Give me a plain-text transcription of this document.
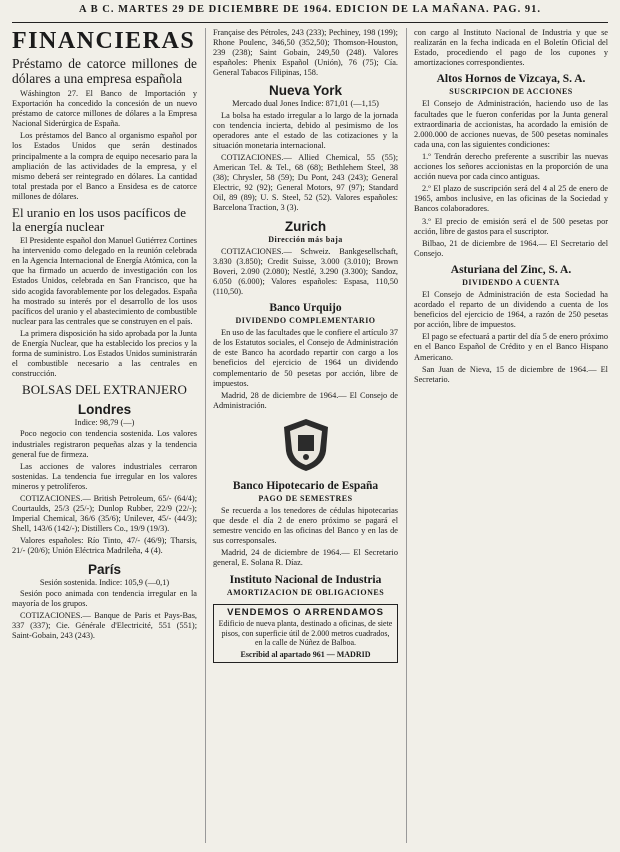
A B C. MARTES 29 DE DICIEMBRE DE 1964. EDICION DE LA MAÑANA. PAG. 91.
FINANCIERAS
Préstamo de catorce millones de dólares a una empresa española

Wáshington 27. El Banco de Importación y Exportación ha concedido la concesión de un nuevo préstamo de catorce millones de dólares a la Empresa Nacional Siderúrgica de España.

Los préstamos del Banco al organismo español por los Estados Unidos que serán destinados principalmente a la compra de equipo necesario para la ampliación de las actividades de la empresa, y el mismo deberá ser reintegrado en dólares. La cantidad total prestada por el Banco a Ensidesa es de catorce millones de dólares.

El uranio en los usos pacíficos de la energía nuclear

El Presidente español don Manuel Gutiérrez Cortines ha intervenido como delegado en la reunión celebrada en la Agencia Internacional de Energía Atómica, con la que ha firmado un acuerdo de investigación con los Estados Unidos, celebrada en San Francisco, que ha sido acogida favorablemente por los delegados. España ha mostrado su interés por el desarrollo de los usos pacíficos del uranio y el abastecimiento de combustible nuclear para las centrales que se construyen en el país.

La primera disposición ha sido aprobada por la Junta de Energía Nuclear, que ha establecido los precios y la forma de suministro. Los Estados Unidos suministrarán el combustible necesario a las centrales en construcción.

BOLSAS DEL EXTRANJERO
Londres
Indice: 98,79 (—)

Poco negocio con tendencia sostenida. Los valores industriales registraron pequeñas alzas y la tendencia general fue de firmeza.

Las acciones de valores industriales cerraron sostenidas. La tendencia fue irregular en los valores mineros y petrolíferos.

COTIZACIONES.— British Petroleum, 65/- (64/4); Courtaulds, 25/3 (25/-); Dunlop Rubber, 22/9 (22/-); Imperial Chemical, 36/6 (35/6); Unilever, 45/- (44/3); Shell, 143/6 (142/-); Distillers Co., 19/9 (19/3).

Valores españoles: Río Tinto, 47/- (46/9); Tharsis, 21/- (20/6); Unión Eléctrica Madrileña, 4 (4).

París
Sesión sostenida. Indice: 105,9 (—0,1)

Sesión poco animada con tendencia irregular en la mayoría de los grupos.

COTIZACIONES.— Banque de Paris et Pays-Bas, 337 (337); Cie. Générale d'Electricité, 551 (551); Saint-Gobain, 243 (243).

Française des Pétroles, 243 (233); Pechiney, 198 (199); Rhone Poulenc, 346,50 (352,50); Thomson-Houston, 239 (238); Saint Gobain, 249,50 (248). Valores españoles: Phenix Español (Unión), 76 (75); Cía. General Tabacos Filipinas, 158.

Nueva York
Mercado dual Jones Indice: 871,01 (—1,15)

La bolsa ha estado irregular a lo largo de la jornada con tendencia incierta, debido al pesimismo de los operadores ante el estado de las cotizaciones y la situación monetaria internacional.

COTIZACIONES.— Allied Chemical, 55 (55); American Tel. & Tel., 68 (68); Bethlehem Steel, 38 (38); Chrysler, 58 (59); Du Pont, 243 (243); General Electric, 92 (92); General Motors, 97 (97); Standard Oil, 89 (89); U. S. Steel, 52 (52). Valores españoles: Barcelona Traction, 3 (3).

Zurich
Dirección más baja

COTIZACIONES.— Schweiz. Bankgesellschaft, 3.830 (3.850); Credit Suisse, 3.000 (3.010); Brown Boveri, 2.090 (2.080); Nestlé, 3.290 (3.300); Sandoz, 6.050 (6.000); Valores españoles: Espasa, 110,50 (110,50).

Banco Urquijo
DIVIDENDO COMPLEMENTARIO

En uso de las facultades que le confiere el artículo 37 de los Estatutos sociales, el Consejo de Administración de este Banco ha acordado repartir con cargo a los beneficios del ejercicio de 1964 un dividendo complementario de 50 pesetas por acción, libre de impuestos.

Madrid, 28 de diciembre de 1964.— El Consejo de Administración.

Banco Hipotecario de España
PAGO DE SEMESTRES

Se recuerda a los tenedores de cédulas hipotecarias que desde el día 2 de enero próximo se pagará el semestre vencido en las oficinas del Banco y en las de sus corresponsales.

Madrid, 24 de diciembre de 1964.— El Secretario general, E. Solana R. Díaz.

Instituto Nacional de Industria
AMORTIZACION DE OBLIGACIONES
VENDEMOS O ARRENDAMOS
Edificio de nueva planta, destinado a oficinas, de siete pisos, con superficie útil de 2.000 metros cuadrados, en la calle de Núñez de Balboa.
Escribid al apartado 961 — MADRID

con cargo al Instituto Nacional de Industria y que se realizarán en la fecha indicada en el Boletín Oficial del Estado, procediendo el pago de los cupones y amortizaciones correspondientes.

Altos Hornos de Vizcaya, S. A.
SUSCRIPCION DE ACCIONES

El Consejo de Administración, haciendo uso de las facultades que le fueron conferidas por la Junta general extraordinaria de accionistas, ha acordado la emisión de 2.000.000 de acciones nuevas, de 500 pesetas nominales cada una, con las siguientes condiciones:

1.º Tendrán derecho preferente a suscribir las nuevas acciones los señores accionistas en la proporción de una acción nueva por cada cinco antiguas.

2.º El plazo de suscripción será del 4 al 25 de enero de 1965, ambos inclusive, en las oficinas de la Sociedad y Bancos colaboradores.

3.º El precio de emisión será el de 500 pesetas por acción, libre de gastos para el suscriptor.

Bilbao, 21 de diciembre de 1964.— El Secretario del Consejo.

Asturiana del Zinc, S. A.
DIVIDENDO A CUENTA

El Consejo de Administración de esta Sociedad ha acordado el reparto de un dividendo a cuenta de los beneficios del ejercicio de 1964, a razón de 250 pesetas por acción, libre de impuestos.

El pago se efectuará a partir del día 5 de enero próximo en el Banco Español de Crédito y en el Banco Hispano Americano.

San Juan de Nieva, 15 de diciembre de 1964.— El Secretario.
